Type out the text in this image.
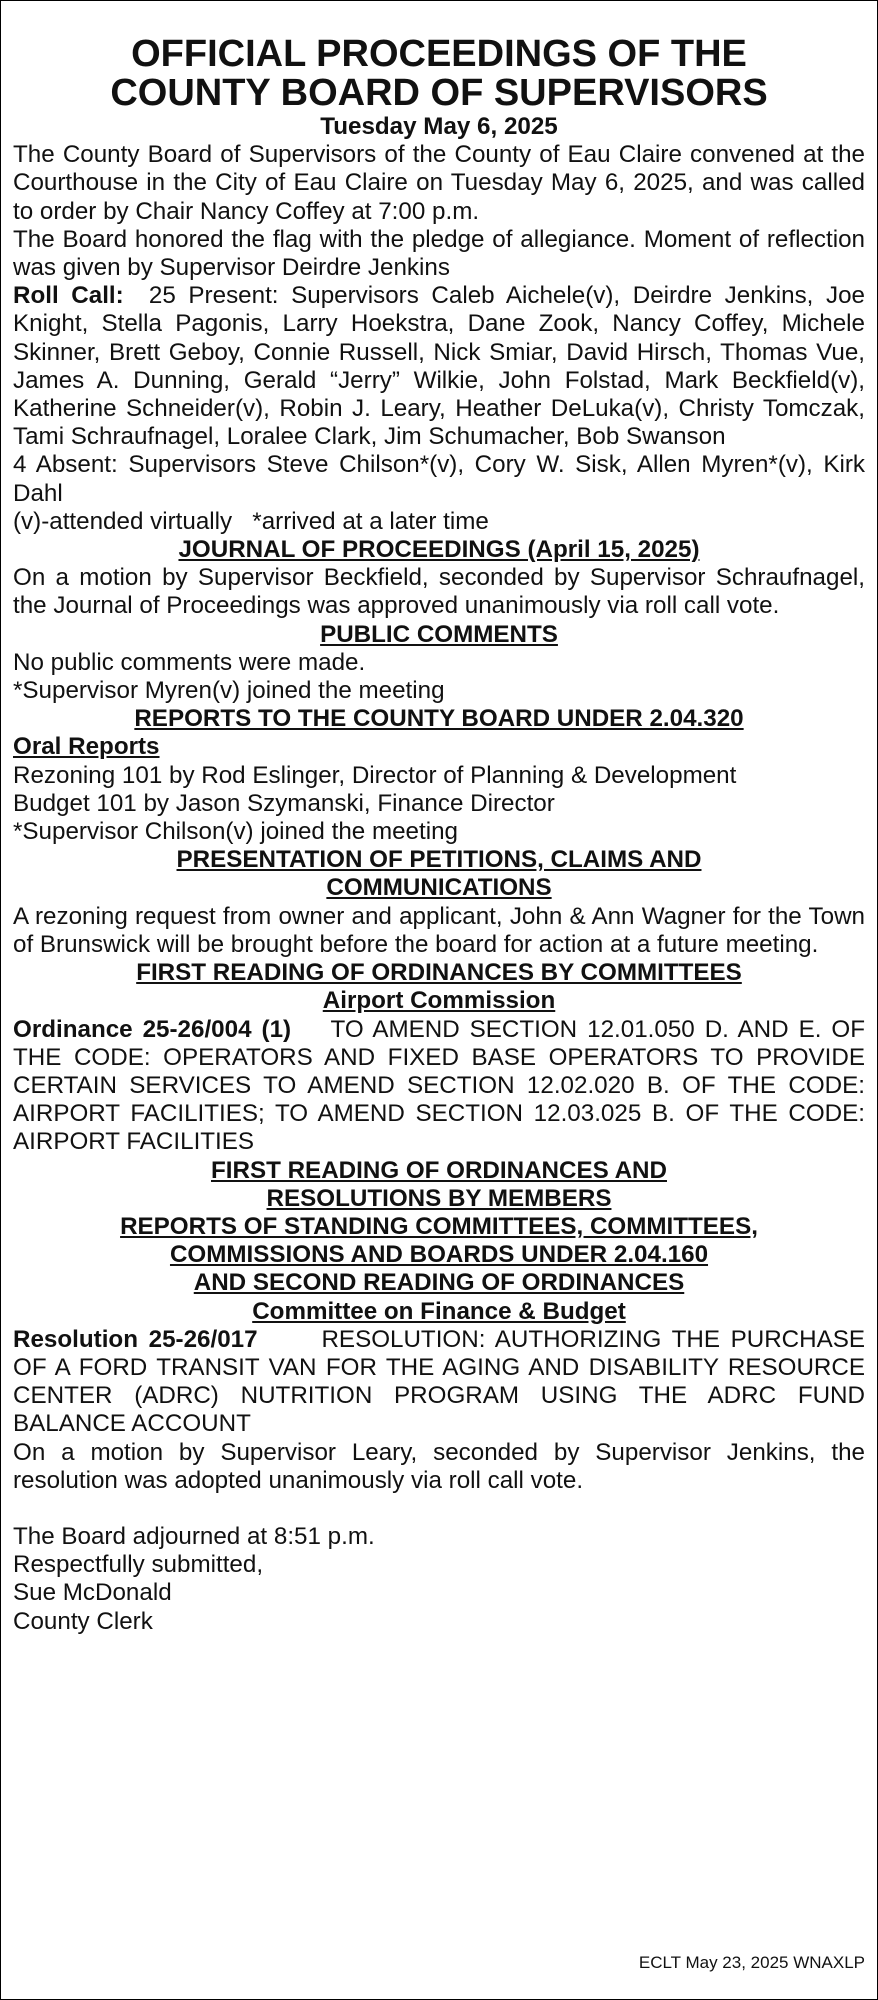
OFFICIAL PROCEEDINGS OF THE
COUNTY BOARD OF SUPERVISORS
Tuesday May 6, 2025

The County Board of Supervisors of the County of Eau Claire convened at the Courthouse in the City of Eau Claire on Tuesday May 6, 2025, and was called to order by Chair Nancy Coffey at 7:00 p.m.

The Board honored the flag with the pledge of allegiance. Moment of reflection was given by Supervisor Deirdre Jenkins

Roll Call: 25 Present: Supervisors Caleb Aichele(v), Deirdre Jenkins, Joe Knight, Stella Pagonis, Larry Hoekstra, Dane Zook, Nancy Coffey, Michele Skinner, Brett Geboy, Connie Russell, Nick Smiar, David Hirsch, Thomas Vue, James A. Dunning, Gerald “Jerry” Wilkie, John Folstad, Mark Beckfield(v), Katherine Schneider(v), Robin J. Leary, Heather DeLuka(v), Christy Tomczak, Tami Schraufnagel, Loralee Clark, Jim Schumacher, Bob Swanson

4 Absent: Supervisors Steve Chilson*(v), Cory W. Sisk, Allen Myren*(v), Kirk Dahl

(v)-attended virtually   *arrived at a later time

JOURNAL OF PROCEEDINGS (April 15, 2025)

On a motion by Supervisor Beckfield, seconded by Supervisor Schraufnagel, the Journal of Proceedings was approved unanimously via roll call vote.

PUBLIC COMMENTS

No public comments were made.

*Supervisor Myren(v) joined the meeting

REPORTS TO THE COUNTY BOARD UNDER 2.04.320
Oral Reports

Rezoning 101 by Rod Eslinger, Director of Planning & Development

Budget 101 by Jason Szymanski, Finance Director

*Supervisor Chilson(v) joined the meeting

PRESENTATION OF PETITIONS, CLAIMS AND
COMMUNICATIONS

A rezoning request from owner and applicant, John & Ann Wagner for the Town of Brunswick will be brought before the board for action at a future meeting.

FIRST READING OF ORDINANCES BY COMMITTEES
Airport Commission

Ordinance 25-26/004 (1) TO AMEND SECTION 12.01.050 D. AND E. OF THE CODE: OPERATORS AND FIXED BASE OPERATORS TO PROVIDE CERTAIN SERVICES TO AMEND SECTION 12.02.020 B. OF THE CODE: AIRPORT FACILITIES; TO AMEND SECTION 12.03.025 B. OF THE CODE: AIRPORT FACILITIES

FIRST READING OF ORDINANCES AND
RESOLUTIONS BY MEMBERS
REPORTS OF STANDING COMMITTEES, COMMITTEES,
COMMISSIONS AND BOARDS UNDER 2.04.160
AND SECOND READING OF ORDINANCES
Committee on Finance & Budget

Resolution 25-26/017	RESOLUTION: AUTHORIZING THE PURCHASE OF A FORD TRANSIT VAN FOR THE AGING AND DISABILITY RESOURCE CENTER (ADRC) NUTRITION PROGRAM USING THE ADRC FUND BALANCE ACCOUNT

On a motion by Supervisor Leary, seconded by Supervisor Jenkins, the resolution was adopted unanimously via roll call vote.

The Board adjourned at 8:51 p.m.

Respectfully submitted,

Sue McDonald

County Clerk

ECLT May 23, 2025 WNAXLP
